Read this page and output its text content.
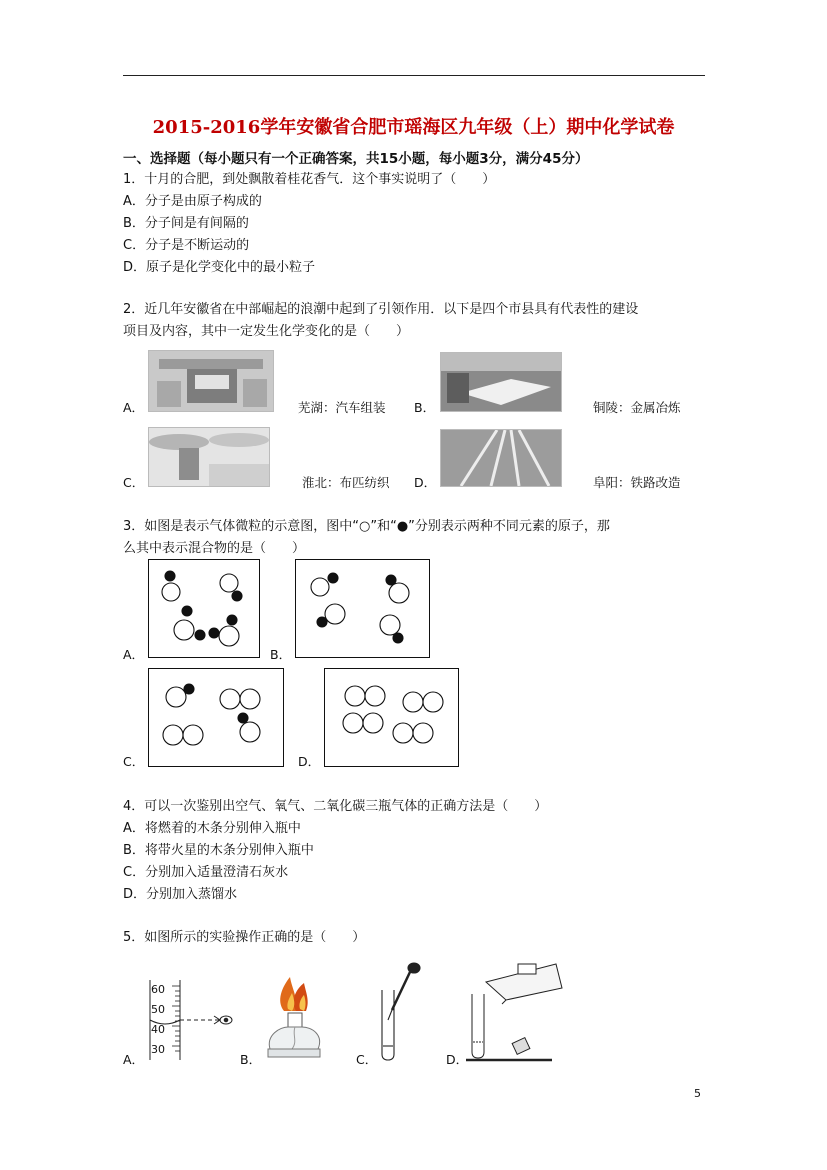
2015-2016学年安徽省合肥市瑶海区九年级（上）期中化学试卷
一、选择题（每小题只有一个正确答案，共15小题，每小题3分，满分45分）
1．十月的合肥，到处飘散着桂花香气．这个事实说明了（　　）
A．分子是由原子构成的
B．分子间是有间隔的
C．分子是不断运动的
D．原子是化学变化中的最小粒子
2．近几年安徽省在中部崛起的浪潮中起到了引领作用．以下是四个市县具有代表性的建设
项目及内容，其中一定发生化学变化的是（　　）
A．	芜湖：汽车组装 B．	铜陵：金属冶炼
C．	淮北：布匹纺织 D．	阜阳：铁路改造
3．如图是表示气体微粒的示意图，图中“○”和“●”分别表示两种不同元素的原子，那
么其中表示混合物的是（　　）
A．	B．
C．	D．
4．可以一次鉴别出空气、氧气、二氧化碳三瓶气体的正确方法是（　　）
A．将燃着的木条分别伸入瓶中
B．将带火星的木条分别伸入瓶中
C．分别加入适量澄清石灰水
D．分别加入蒸馏水
5．如图所示的实验操作正确的是（　　）
60
50
40
30
A．	B．	C．	D．
5
